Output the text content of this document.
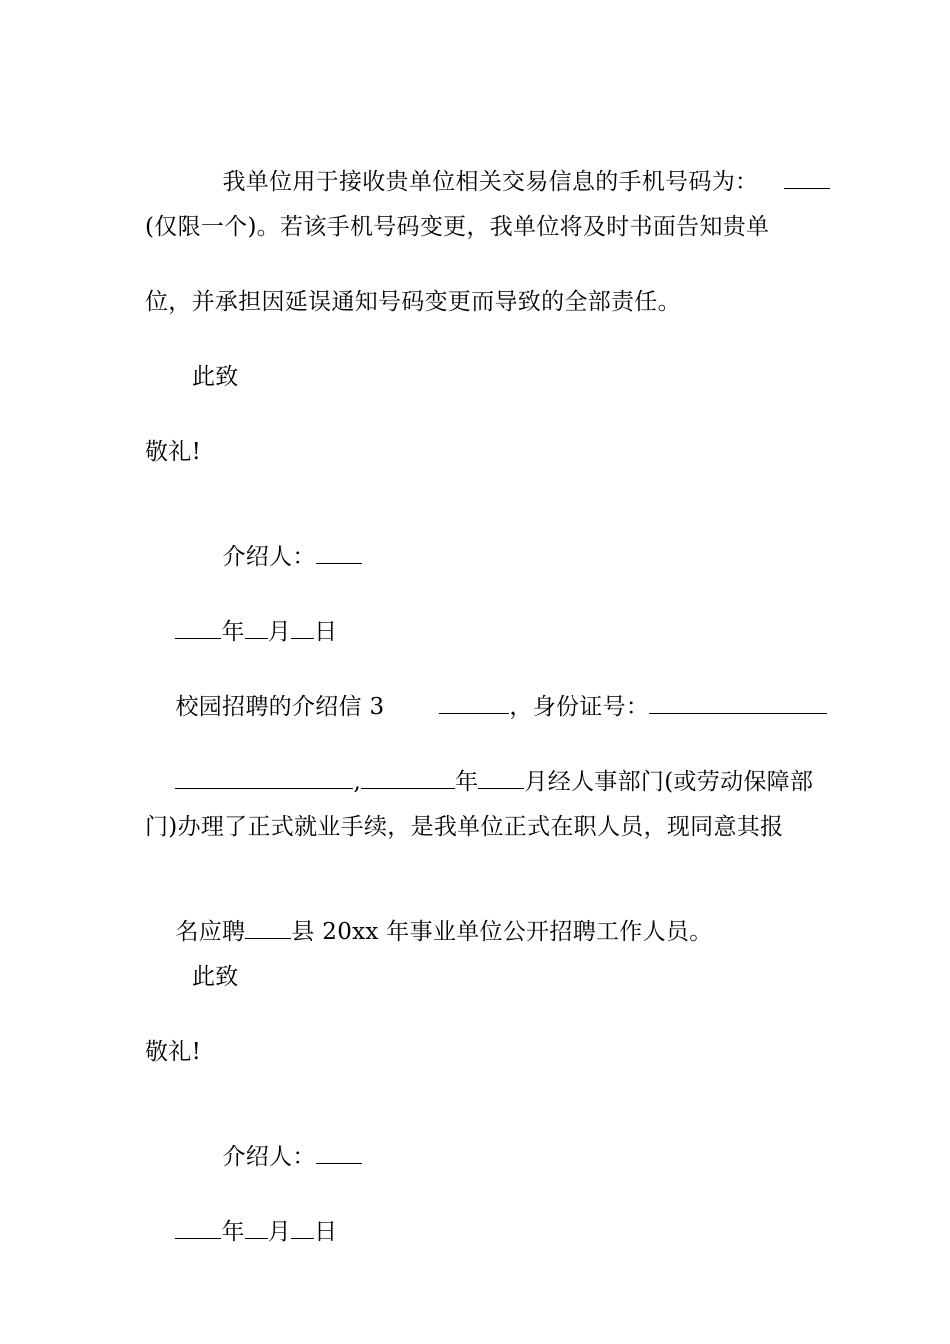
我单位用于接收贵单位相关交易信息的手机号码为：

(仅限一个)。若该手机号码变更，我单位将及时书面告知贵单
位，并承担因延误通知号码变更而导致的全部责任。
此致
敬礼!

介绍人：

年 月 日

校园招聘的介绍信 3	，身份证号：

,	年 月经人事部门(或劳动保障部

门)办理了正式就业手续，是我单位正式在职人员，现同意其报

名应聘 县 20xx 年事业单位公开招聘工作人员。

此致
敬礼!

介绍人：

年 月 日
